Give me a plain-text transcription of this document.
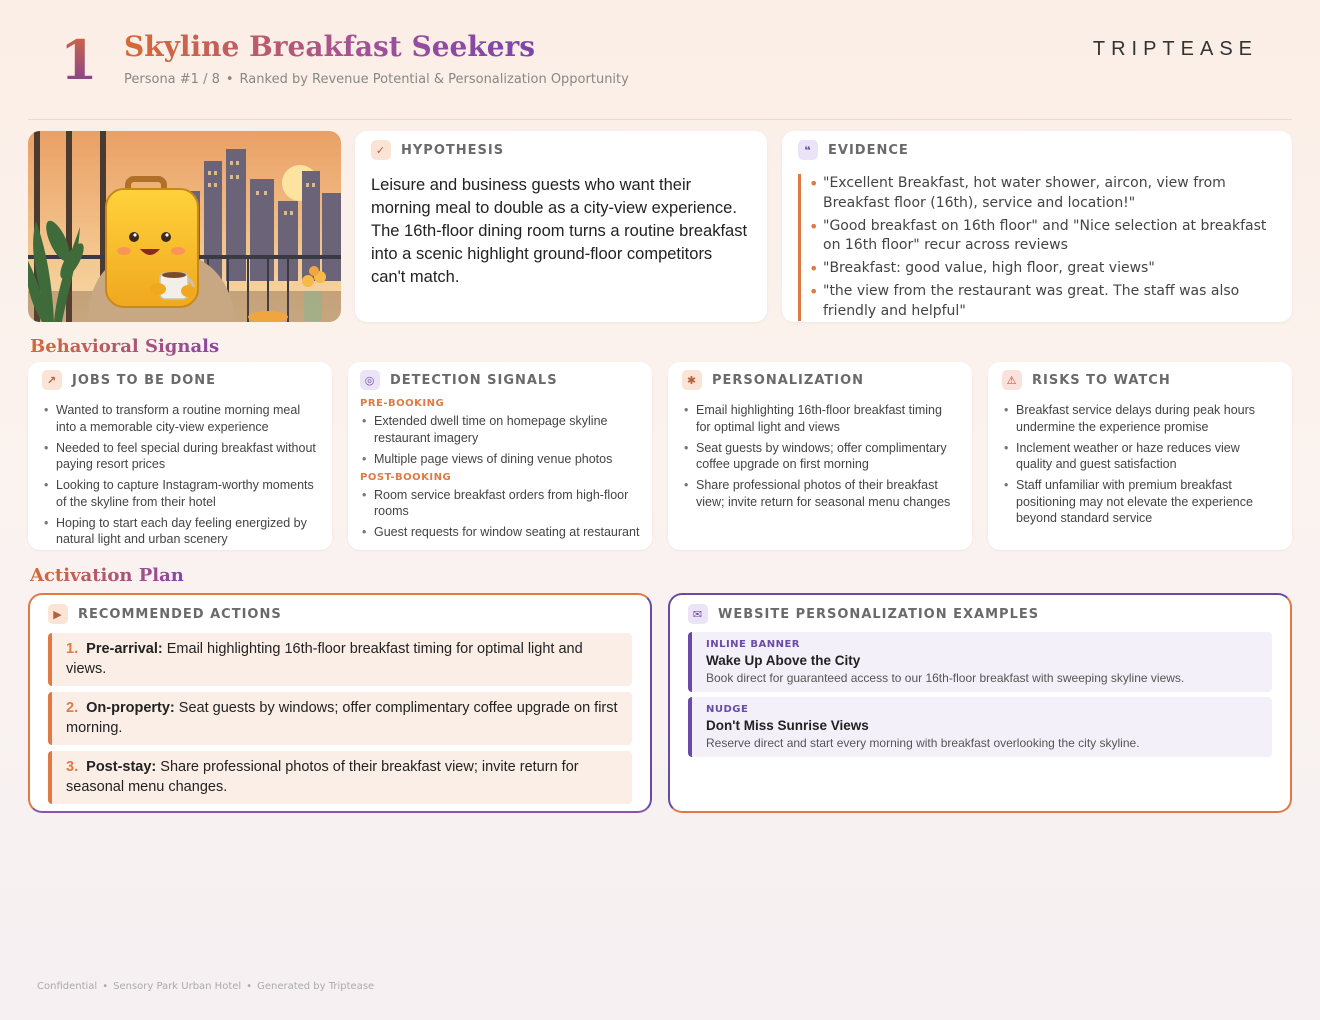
1 Skyline Breakfast Seekers
Persona #1 / 8 • Ranked by Revenue Potential & Personalization Opportunity
TRIPTEASE
✓	HYPOTHESIS
Leisure and business guests who want their morning meal to double as a city-view experience. The 16th-floor dining room turns a routine breakfast into a scenic highlight ground-floor competitors can't match.
❝	EVIDENCE
• "Excellent Breakfast, hot water shower, aircon, view from Breakfast floor (16th), service and location!"
• "Good breakfast on 16th floor" and "Nice selection at breakfast on 16th floor" recur across reviews
• "Breakfast: good value, high floor, great views"
• "the view from the restaurant was great. The staff was also friendly and helpful"
Behavioral Signals
↗	JOBS TO BE DONE
• Wanted to transform a routine morning meal into a memorable city-view experience
• Needed to feel special during breakfast without paying resort prices
• Looking to capture Instagram-worthy moments of the skyline from their hotel
• Hoping to start each day feeling energized by natural light and urban scenery
◎	DETECTION SIGNALS
PRE-BOOKING
• Extended dwell time on homepage skyline restaurant imagery
• Multiple page views of dining venue photos
POST-BOOKING
• Room service breakfast orders from high-floor rooms
• Guest requests for window seating at restaurant
✱	PERSONALIZATION
• Email highlighting 16th-floor breakfast timing for optimal light and views
• Seat guests by windows; offer complimentary coffee upgrade on first morning
• Share professional photos of their breakfast view; invite return for seasonal menu changes
⚠	RISKS TO WATCH
• Breakfast service delays during peak hours undermine the experience promise
• Inclement weather or haze reduces view quality and guest satisfaction
• Staff unfamiliar with premium breakfast positioning may not elevate the experience beyond standard service
Activation Plan
▶	RECOMMENDED ACTIONS
1. Pre-arrival: Email highlighting 16th-floor breakfast timing for optimal light and views.
2. On-property: Seat guests by windows; offer complimentary coffee upgrade on first morning.
3. Post-stay: Share professional photos of their breakfast view; invite return for seasonal menu changes.
✉	WEBSITE PERSONALIZATION EXAMPLES
INLINE BANNER
Wake Up Above the City
Book direct for guaranteed access to our 16th-floor breakfast with sweeping skyline views.
NUDGE
Don't Miss Sunrise Views
Reserve direct and start every morning with breakfast overlooking the city skyline.
Confidential • Sensory Park Urban Hotel • Generated by Triptease
